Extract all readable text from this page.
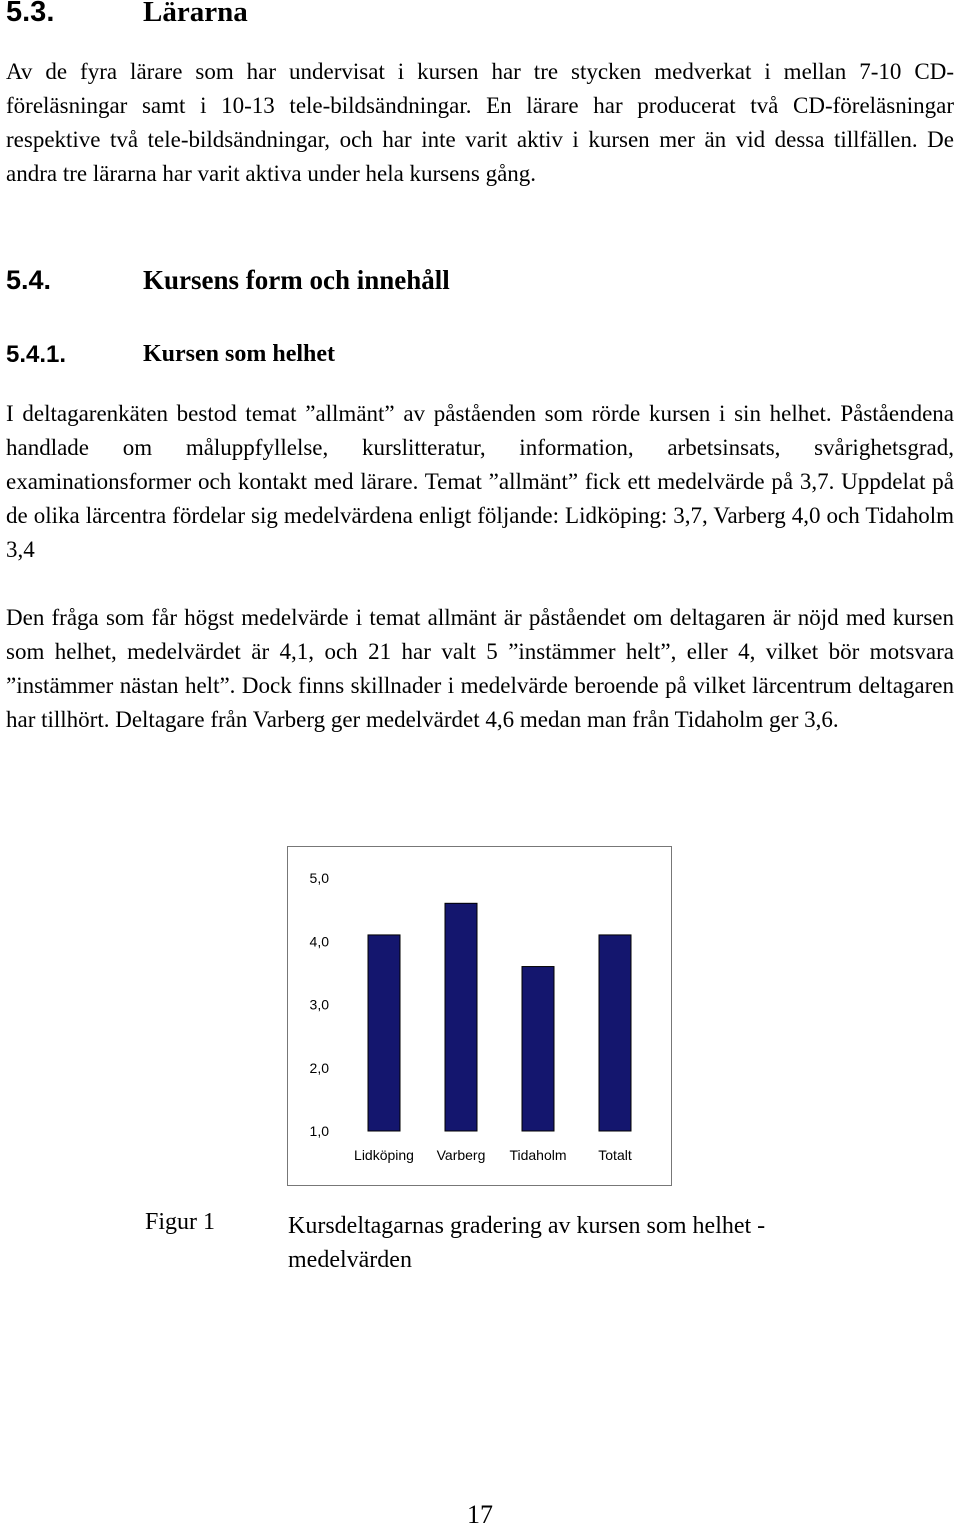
5.3.	Lärarna
Av de fyra lärare som har undervisat i kursen har tre stycken medverkat i mellan 7-10 CD-föreläsningar samt i 10-13 tele-bildsändningar. En lärare har producerat två CD-föreläsningar respektive två tele-bildsändningar, och har inte varit aktiv i kursen mer än vid dessa tillfällen. De andra tre lärarna har varit aktiva under hela kursens gång.
5.4.	Kursens form och innehåll
5.4.1.	Kursen som helhet
I deltagarenkäten bestod temat ”allmänt” av påståenden som rörde kursen i sin helhet. Påståendena handlade om måluppfyllelse, kurslitteratur, information, arbetsinsats, svårighetsgrad, examinationsformer och kontakt med lärare. Temat ”allmänt” fick ett medelvärde på 3,7. Uppdelat på de olika lärcentra fördelar sig medelvärdena enligt följande: Lidköping: 3,7, Varberg 4,0 och Tidaholm 3,4
Den fråga som får högst medelvärde i temat allmänt är påståendet om deltagaren är nöjd med kursen som helhet, medelvärdet är 4,1, och 21 har valt 5 ”instämmer helt”, eller 4, vilket bör motsvara ”instämmer nästan helt”. Dock finns skillnader i medelvärde beroende på vilket lärcentrum deltagaren har tillhört. Deltagare från Varberg ger medelvärdet 4,6 medan man från Tidaholm ger 3,6.
5,0
4,0
3,0
2,0
1,0
Lidköping Varberg Tidaholm Totalt
Figur 1	Kursdeltagarnas gradering av kursen som helhet - medelvärden
17
